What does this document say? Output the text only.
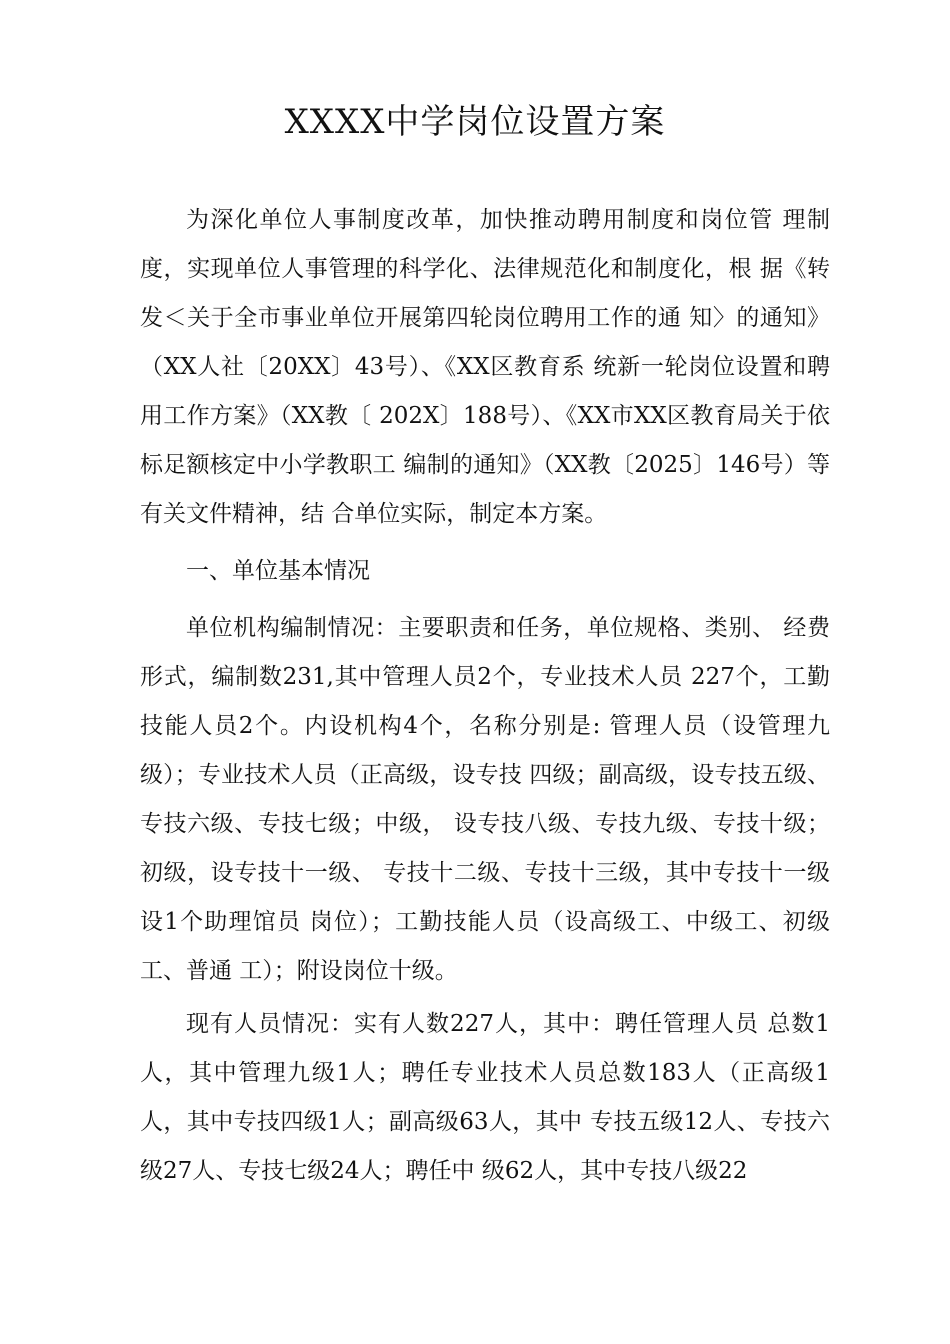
XXXX中学岗位设置方案

为深化单位人事制度改革，加快推动聘用制度和岗位管 理制度，实现单位人事管理的科学化、法律规范化和制度化，根 据《转发＜关于全市事业单位开展第四轮岗位聘用工作的通 知〉的通知》（XX人社〔20XX〕43号）、《XX区教育系 统新一轮岗位设置和聘用工作方案》（XX教〔 202X〕188号）、《XX市XX区教育局关于依标足额核定中小学教职工 编制的通知》（XX教〔2025〕146号）等有关文件精神，结 合单位实际，制定本方案。

一、单位基本情况

单位机构编制情况：主要职责和任务，单位规格、类别、 经费形式，编制数231,其中管理人员2个，专业技术人员 227个，工勤技能人员2个。内设机构4个，名称分别是: 管理人员（设管理九级）；专业技术人员（正高级，设专技 四级；副高级，设专技五级、专技六级、专技七级；中级， 设专技八级、专技九级、专技十级；初级，设专技十一级、 专技十二级、专技十三级，其中专技十一级设1个助理馆员 岗位）；工勤技能人员（设高级工、中级工、初级工、普通 工）；附设岗位十级。

现有人员情况：实有人数227人，其中：聘任管理人员 总数1人，其中管理九级1人；聘任专业技术人员总数183人（正高级1人，其中专技四级1人；副高级63人，其中 专技五级12人、专技六级27人、专技七级24人；聘任中 级62人，其中专技八级22
